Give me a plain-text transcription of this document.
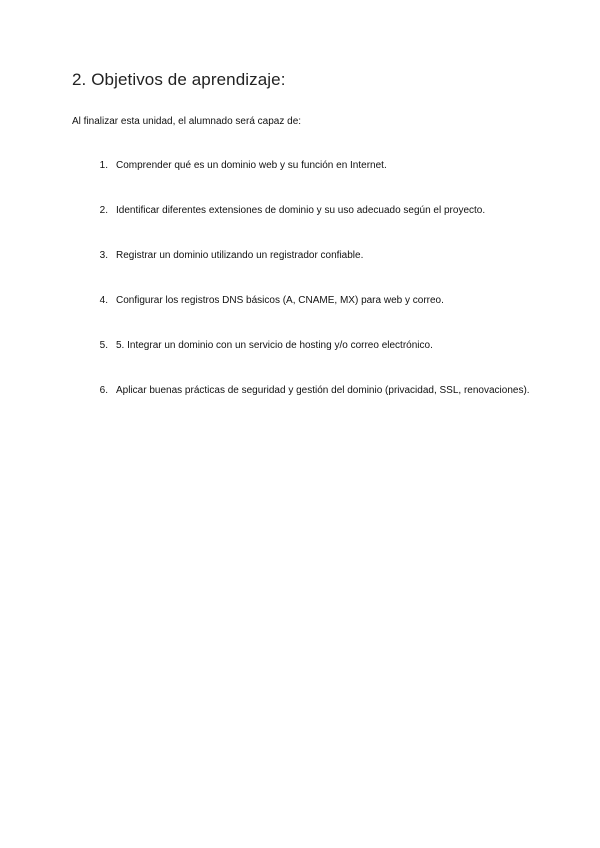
2. Objetivos de aprendizaje:

Al finalizar esta unidad, el alumnado será capaz de:

1. Comprender qué es un dominio web y su función en Internet.
2. Identificar diferentes extensiones de dominio y su uso adecuado según el proyecto.
3. Registrar un dominio utilizando un registrador confiable.
4. Configurar los registros DNS básicos (A, CNAME, MX) para web y correo.
5. 5. Integrar un dominio con un servicio de hosting y/o correo electrónico.
6. Aplicar buenas prácticas de seguridad y gestión del dominio (privacidad, SSL, renovaciones).
